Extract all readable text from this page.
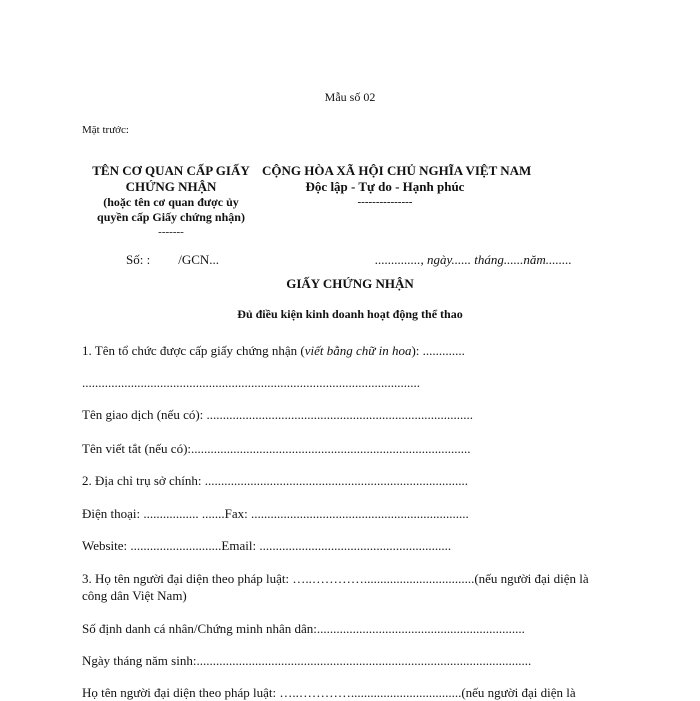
Mẫu số 02
Mặt trước:
TÊN CƠ QUAN CẤP GIẤY
CHỨNG NHẬN
(hoặc tên cơ quan được ủy
quyền cấp Giấy chứng nhận)
-------
CỘNG HÒA XÃ HỘI CHỦ NGHĨA VIỆT NAM
Độc lập - Tự do - Hạnh phúc
---------------
Số: : /GCN...	.............., ngày...... tháng......năm........
GIẤY CHỨNG NHẬN
Đủ điều kiện kinh doanh hoạt động thể thao
1. Tên tổ chức được cấp giấy chứng nhận (viết bằng chữ in hoa): .............
........................................................................................................
Tên giao dịch (nếu có): ..................................................................................
Tên viết tắt (nếu có):......................................................................................
2. Địa chỉ trụ sở chính: .................................................................................
Điện thoại: ................. .......Fax: ...................................................................
Website: ............................Email: ...........................................................
3. Họ tên người đại diện theo pháp luật: …..…………..................................(nếu người đại diện là công dân Việt Nam)
Số định danh cá nhân/Chứng minh nhân dân:................................................................
Ngày tháng năm sinh:.......................................................................................................
Họ tên người đại diện theo pháp luật: …..…………..................................(nếu người đại diện là
